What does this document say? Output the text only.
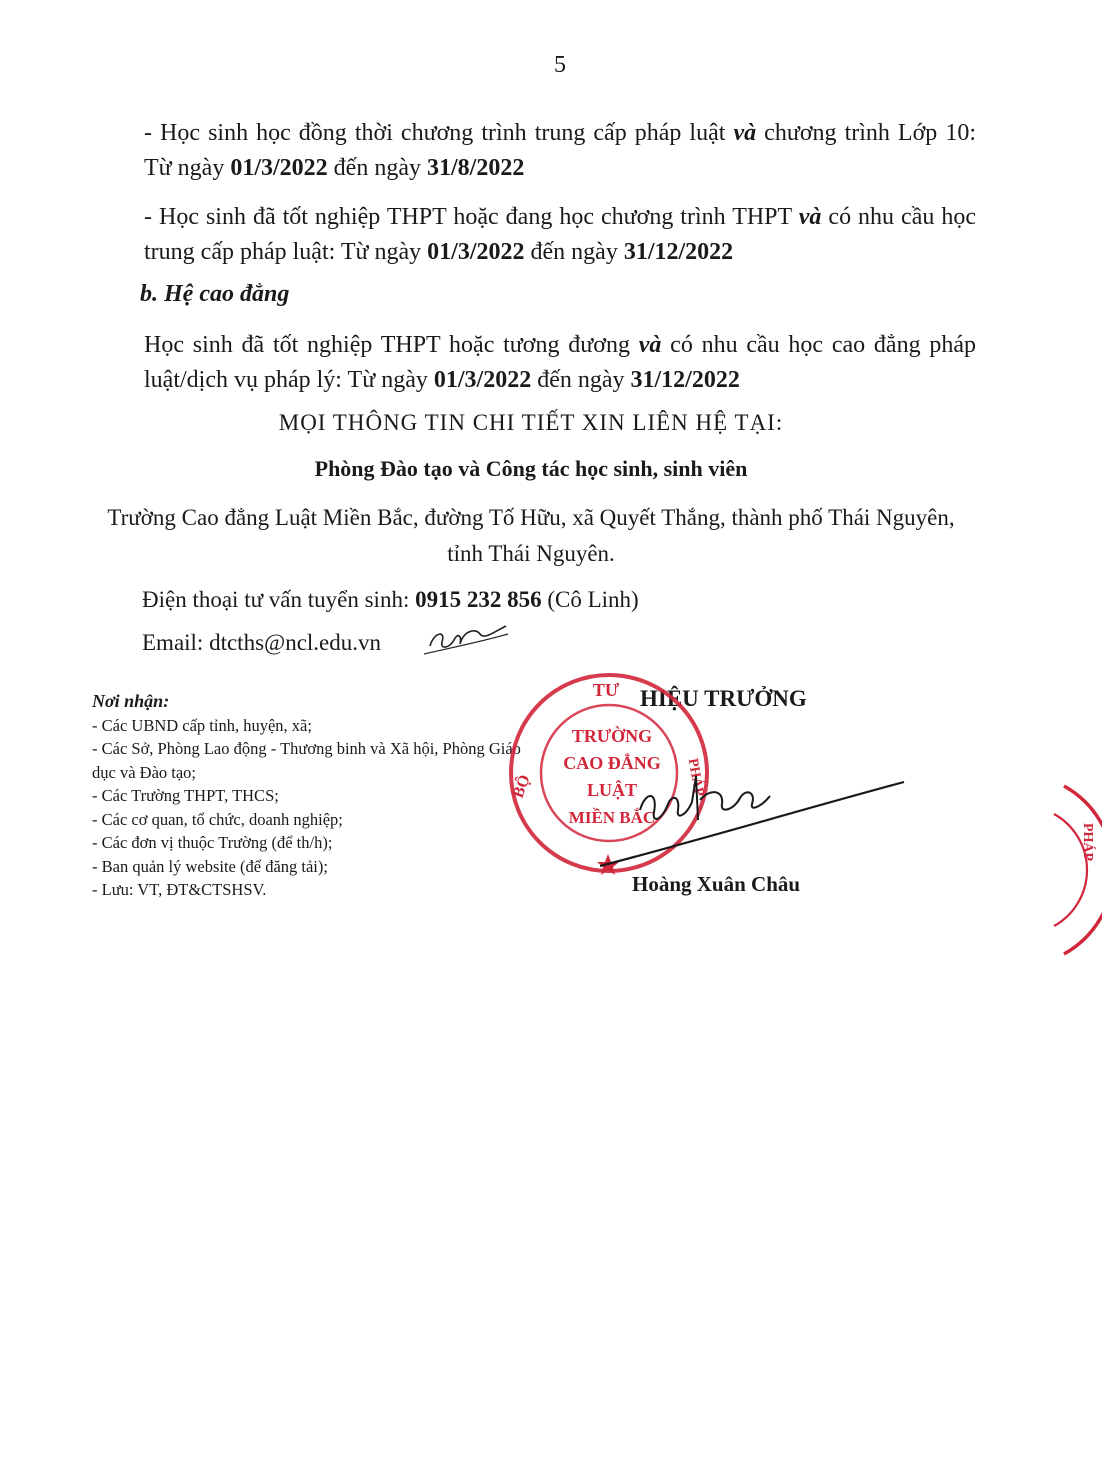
5
- Học sinh học đồng thời chương trình trung cấp pháp luật và chương trình Lớp 10: Từ ngày 01/3/2022 đến ngày 31/8/2022
- Học sinh đã tốt nghiệp THPT hoặc đang học chương trình THPT và có nhu cầu học trung cấp pháp luật: Từ ngày 01/3/2022 đến ngày 31/12/2022
b. Hệ cao đẳng
Học sinh đã tốt nghiệp THPT hoặc tương đương và có nhu cầu học cao đẳng pháp luật/dịch vụ pháp lý: Từ ngày 01/3/2022 đến ngày 31/12/2022
MỌI THÔNG TIN CHI TIẾT XIN LIÊN HỆ TẠI:
Phòng Đào tạo và Công tác học sinh, sinh viên
Trường Cao đẳng Luật Miền Bắc, đường Tố Hữu, xã Quyết Thắng, thành phố Thái Nguyên, tỉnh Thái Nguyên.
Điện thoại tư vấn tuyển sinh: 0915 232 856 (Cô Linh)
Email: dtcths@ncl.edu.vn
Nơi nhận:
- Các UBND cấp tỉnh, huyện, xã;
- Các Sở, Phòng Lao động - Thương binh và Xã hội, Phòng Giáo dục và Đào tạo;
- Các Trường THPT, THCS;
- Các cơ quan, tổ chức, doanh nghiệp;
- Các đơn vị thuộc Trường (để th/h);
- Ban quản lý website (để đăng tải);
- Lưu: VT, ĐT&CTSHSV.
HIỆU TRƯỞNG
TƯ
BỘ	PHÁP
TRƯỜNG
CAO ĐẲNG
LUẬT
MIỀN BẮC
Hoàng Xuân Châu
PHÁP
